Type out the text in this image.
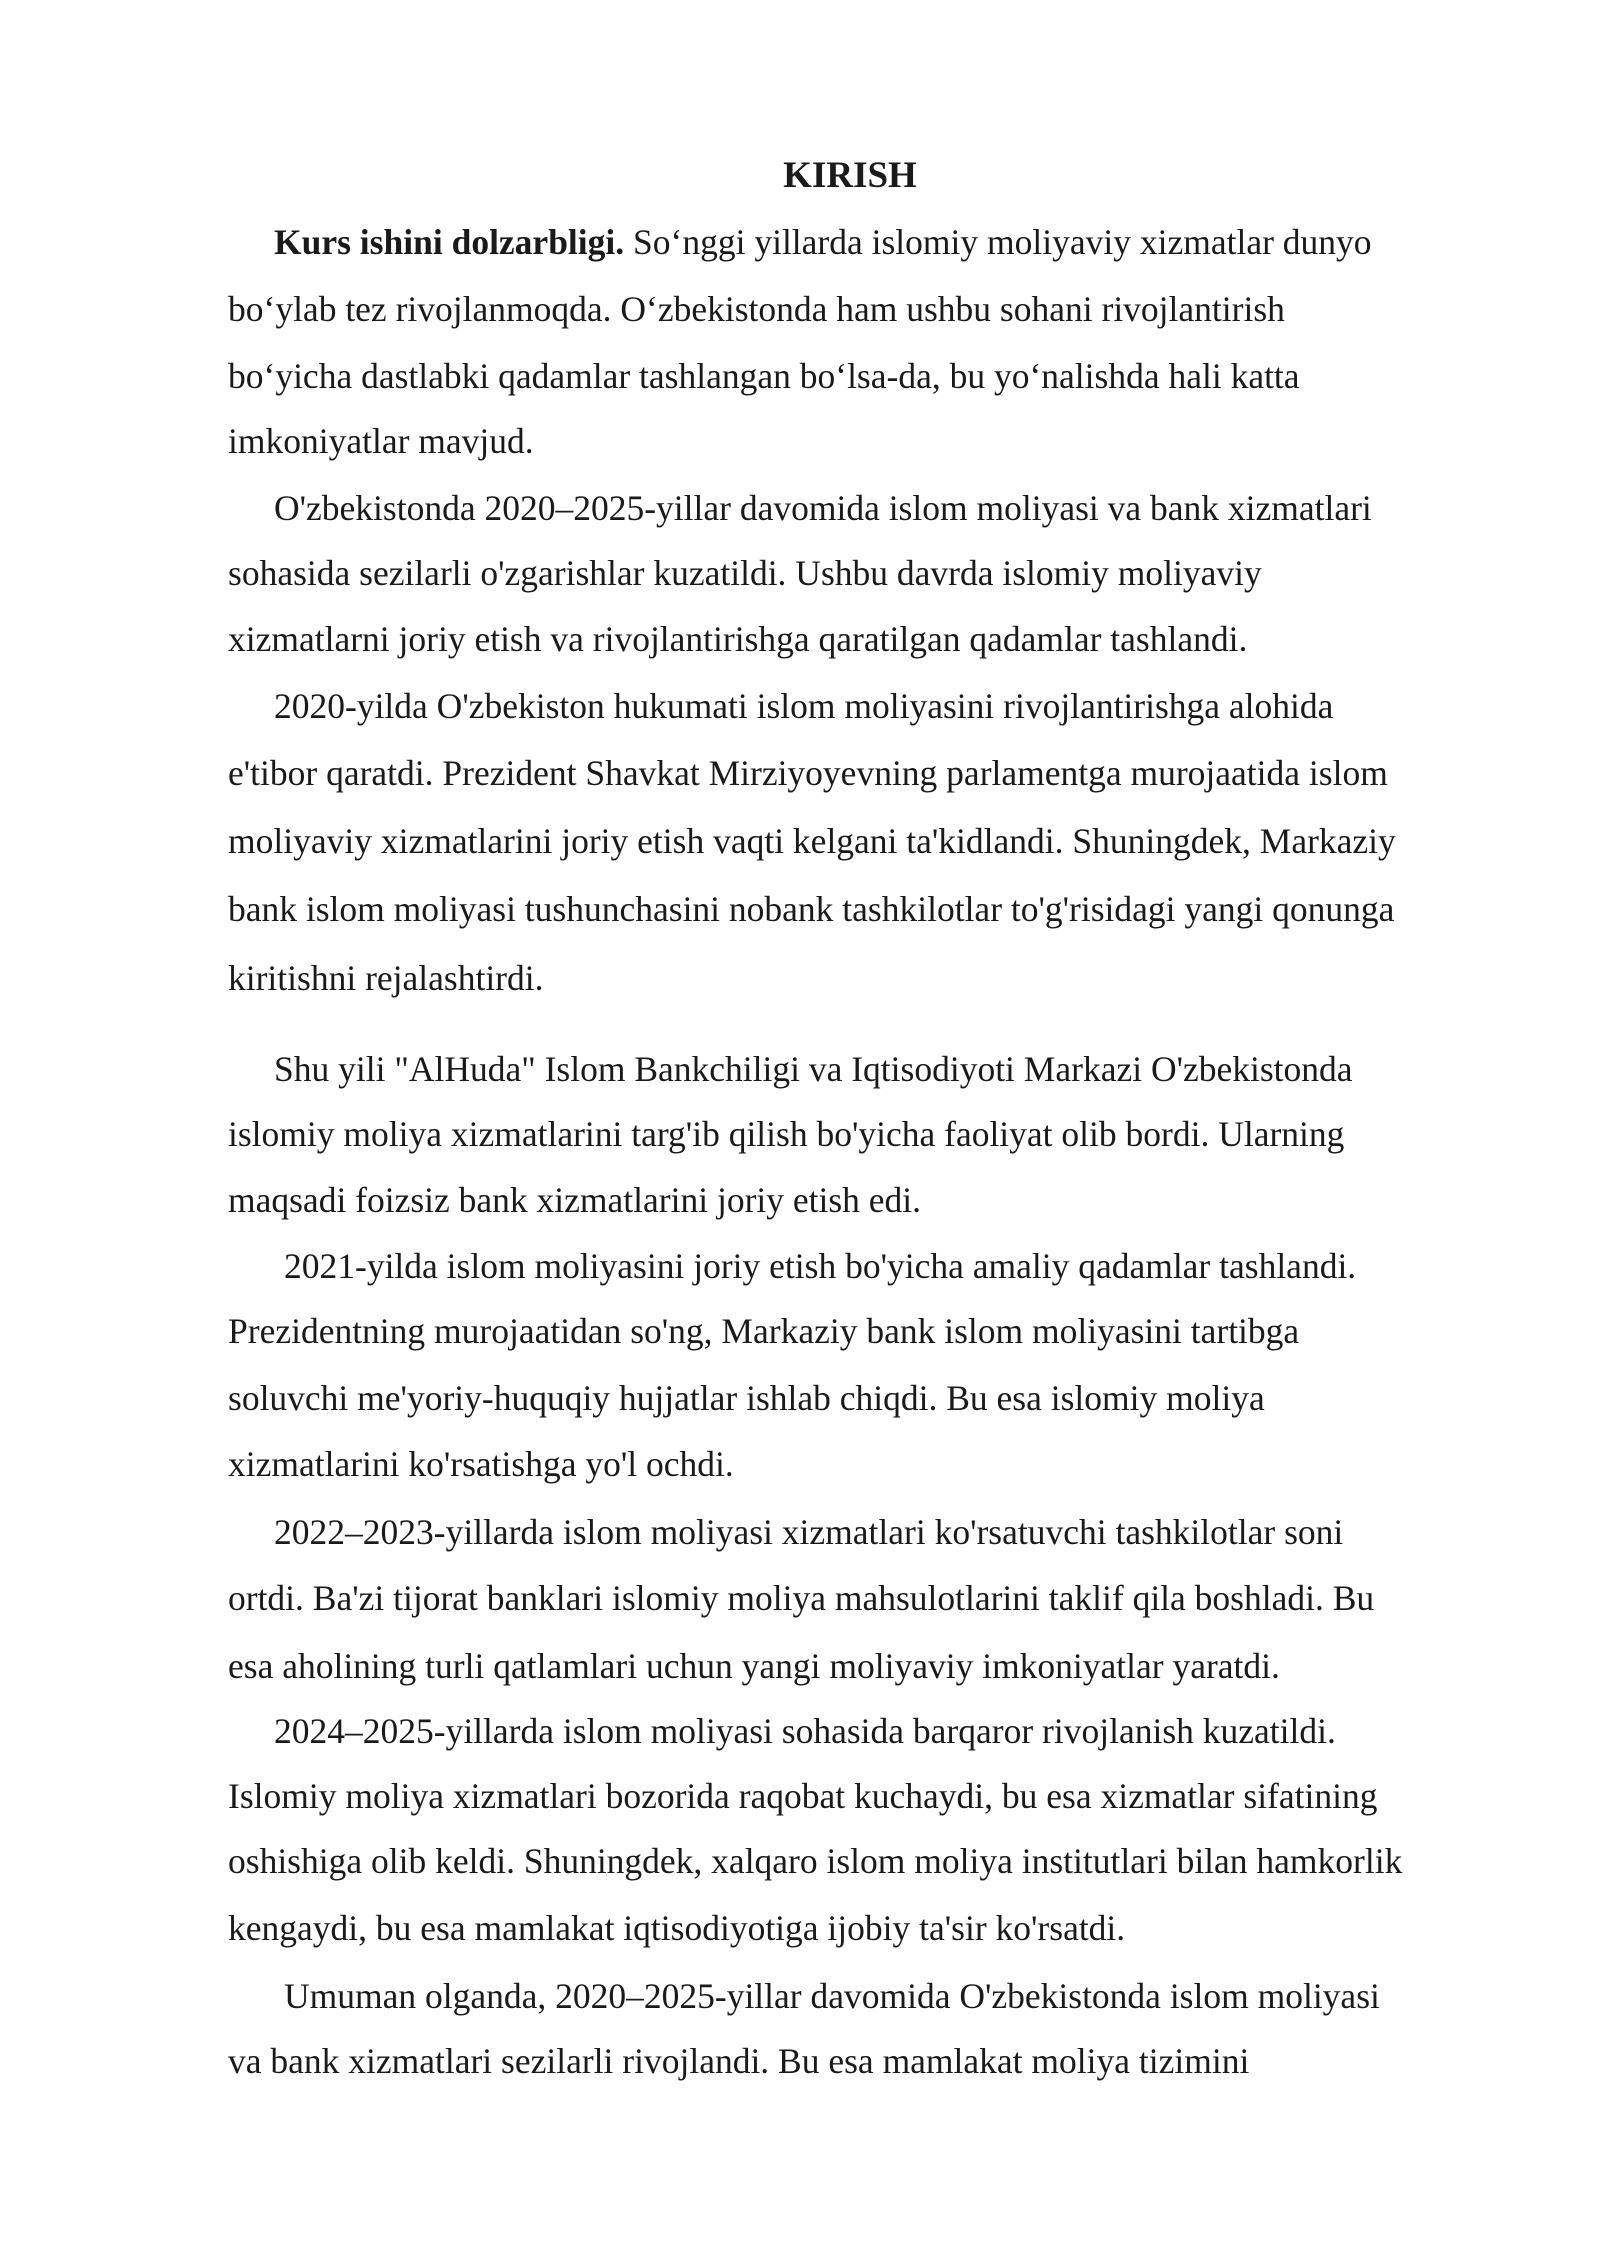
KIRISH

Kurs ishini dolzarbligi. So‘nggi yillarda islomiy moliyaviy xizmatlar dunyo

bo‘ylab tez rivojlanmoqda. O‘zbekistonda ham ushbu sohani rivojlantirish

bo‘yicha dastlabki qadamlar tashlangan bo‘lsa-da, bu yo‘nalishda hali katta

imkoniyatlar mavjud.

O'zbekistonda 2020–2025-yillar davomida islom moliyasi va bank xizmatlari

sohasida sezilarli o'zgarishlar kuzatildi. Ushbu davrda islomiy moliyaviy

xizmatlarni joriy etish va rivojlantirishga qaratilgan qadamlar tashlandi.

2020-yilda O'zbekiston hukumati islom moliyasini rivojlantirishga alohida

e'tibor qaratdi. Prezident Shavkat Mirziyoyevning parlamentga murojaatida islom

moliyaviy xizmatlarini joriy etish vaqti kelgani ta'kidlandi. Shuningdek, Markaziy

bank islom moliyasi tushunchasini nobank tashkilotlar to'g'risidagi yangi qonunga

kiritishni rejalashtirdi.

Shu yili "AlHuda" Islom Bankchiligi va Iqtisodiyoti Markazi O'zbekistonda

islomiy moliya xizmatlarini targ'ib qilish bo'yicha faoliyat olib bordi. Ularning

maqsadi foizsiz bank xizmatlarini joriy etish edi.

2021-yilda islom moliyasini joriy etish bo'yicha amaliy qadamlar tashlandi.

Prezidentning murojaatidan so'ng, Markaziy bank islom moliyasini tartibga

soluvchi me'yoriy-huquqiy hujjatlar ishlab chiqdi. Bu esa islomiy moliya

xizmatlarini ko'rsatishga yo'l ochdi.

2022–2023-yillarda islom moliyasi xizmatlari ko'rsatuvchi tashkilotlar soni

ortdi. Ba'zi tijorat banklari islomiy moliya mahsulotlarini taklif qila boshladi. Bu

esa aholining turli qatlamlari uchun yangi moliyaviy imkoniyatlar yaratdi.

2024–2025-yillarda islom moliyasi sohasida barqaror rivojlanish kuzatildi.

Islomiy moliya xizmatlari bozorida raqobat kuchaydi, bu esa xizmatlar sifatining

oshishiga olib keldi. Shuningdek, xalqaro islom moliya institutlari bilan hamkorlik

kengaydi, bu esa mamlakat iqtisodiyotiga ijobiy ta'sir ko'rsatdi.

Umuman olganda, 2020–2025-yillar davomida O'zbekistonda islom moliyasi

va bank xizmatlari sezilarli rivojlandi. Bu esa mamlakat moliya tizimini
